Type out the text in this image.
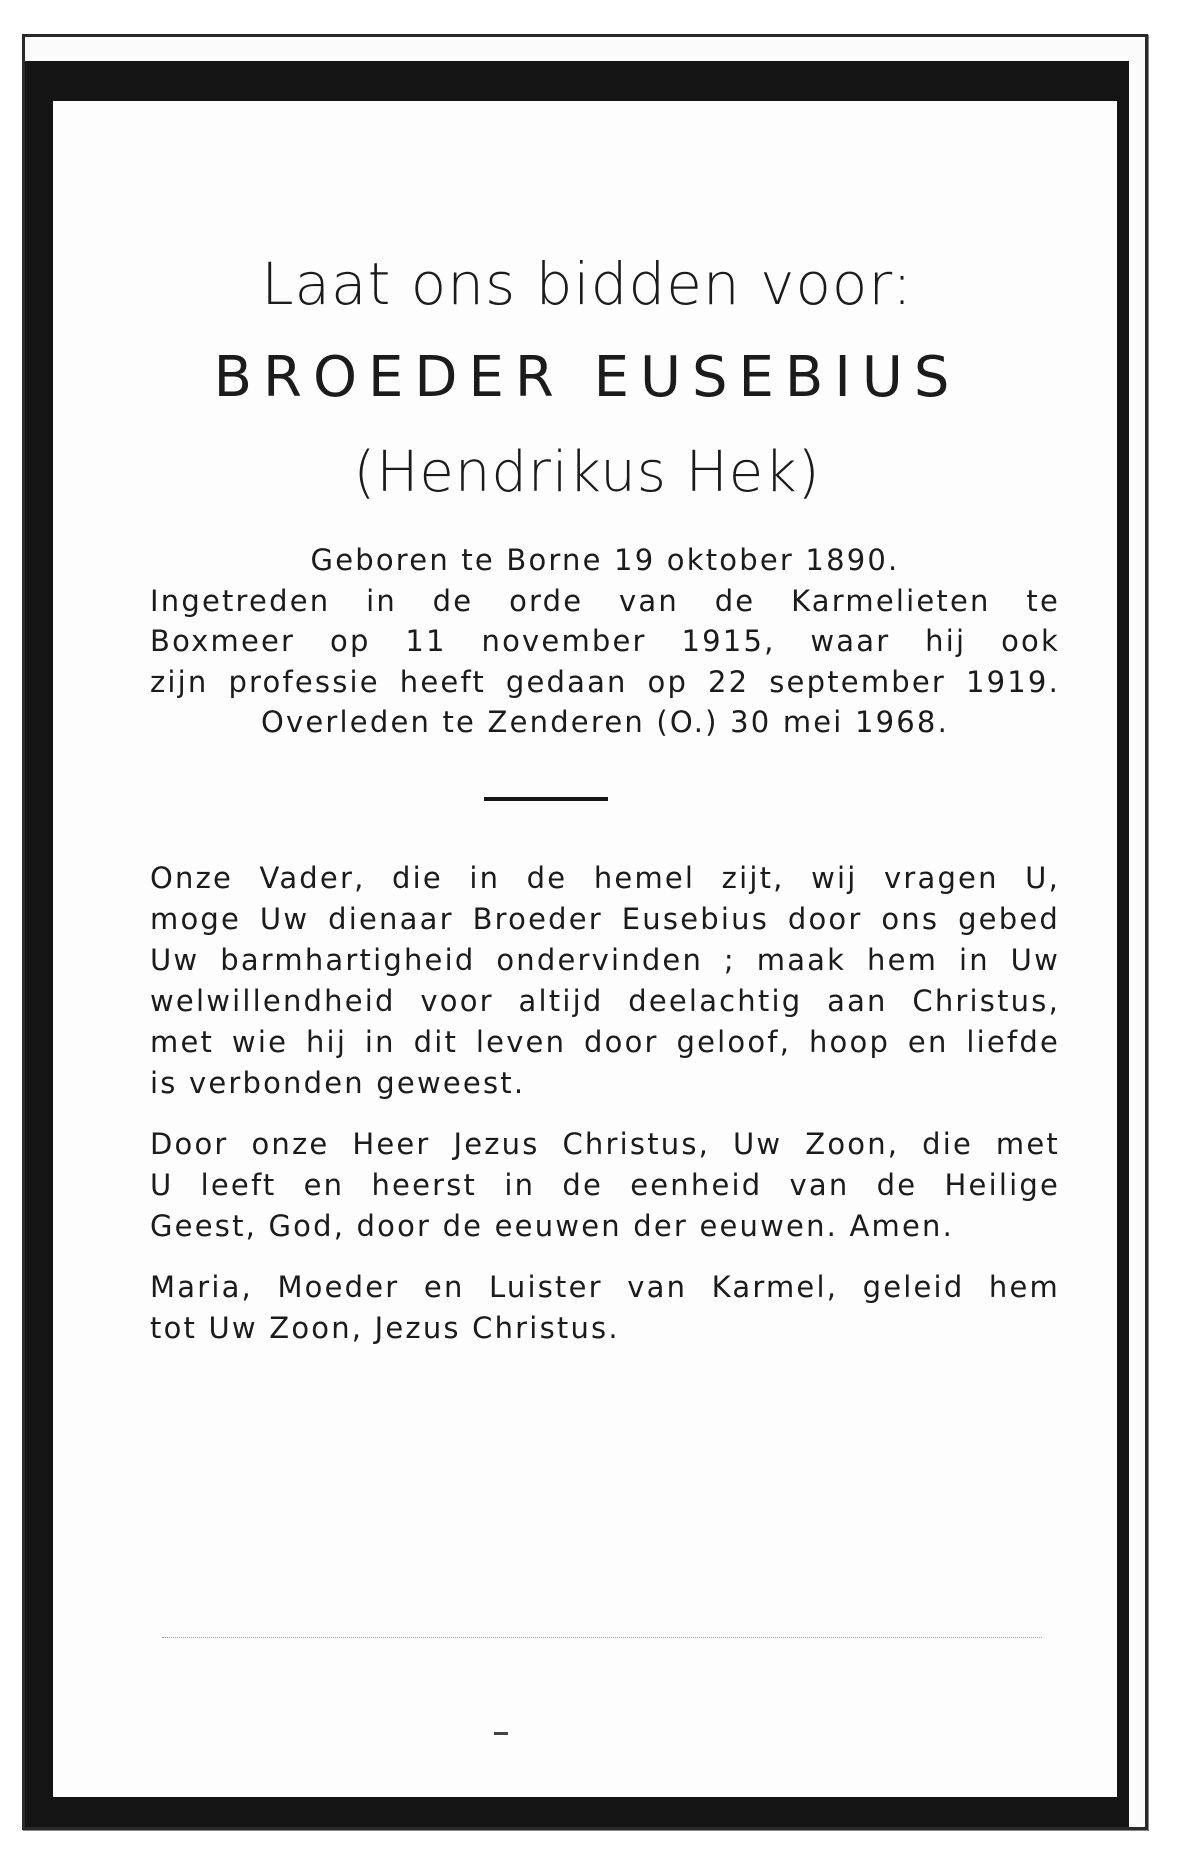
Laat ons bidden voor:
BROEDER EUSEBIUS
(Hendrikus Hek)
Geboren te Borne 19 oktober 1890.
Ingetreden in de orde van de Karmelieten te
Boxmeer op 11 november 1915, waar hij ook
zijn professie heeft gedaan op 22 september 1919.
Overleden te Zenderen (O.) 30 mei 1968.

Onze Vader, die in de hemel zijt, wij vragen U,
moge Uw dienaar Broeder Eusebius door ons gebed
Uw barmhartigheid ondervinden ; maak hem in Uw
welwillendheid voor altijd deelachtig aan Christus,
met wie hij in dit leven door geloof, hoop en liefde
is verbonden geweest.

Door onze Heer Jezus Christus, Uw Zoon, die met
U leeft en heerst in de eenheid van de Heilige
Geest, God, door de eeuwen der eeuwen. Amen.

Maria, Moeder en Luister van Karmel, geleid hem
tot Uw Zoon, Jezus Christus.
